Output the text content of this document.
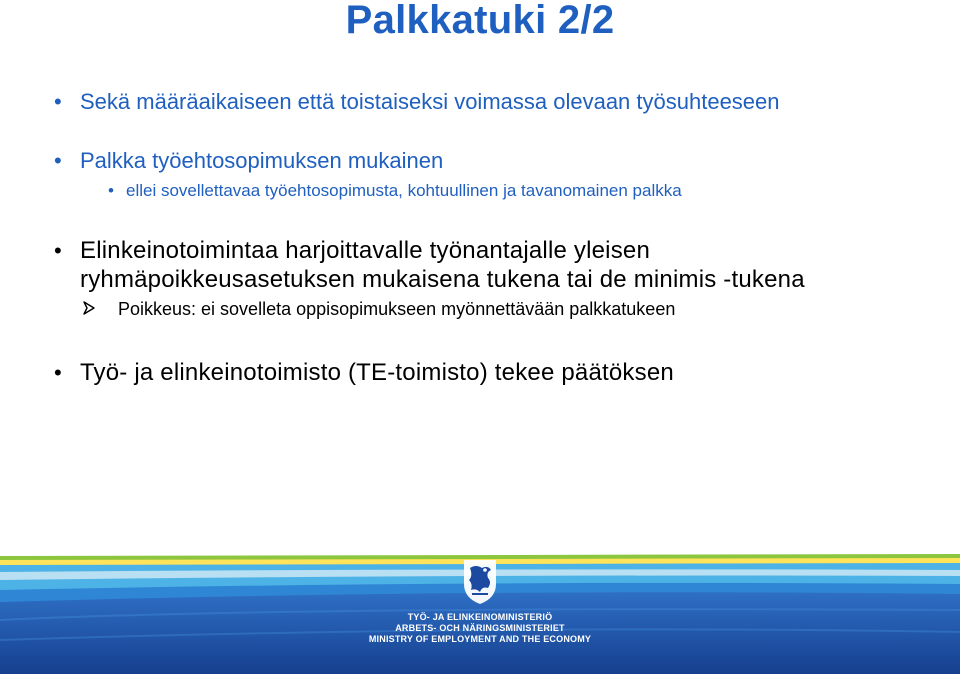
Palkkatuki 2/2
• Sekä määräaikaiseen että toistaiseksi voimassa olevaan työsuhteeseen
• Palkka työehtosopimuksen mukainen
• ellei sovellettavaa työehtosopimusta, kohtuullinen ja tavanomainen palkka
• Elinkeinotoimintaa harjoittavalle työnantajalle yleisen ryhmäpoikkeusasetuksen mukaisena tukena tai de minimis -tukena
Poikkeus: ei sovelleta oppisopimukseen myönnettävään palkkatukeen
• Työ- ja elinkeinotoimisto (TE-toimisto) tekee päätöksen
TYÖ- JA ELINKEINOMINISTERIÖ
ARBETS- OCH NÄRINGSMINISTERIET
MINISTRY OF EMPLOYMENT AND THE ECONOMY
